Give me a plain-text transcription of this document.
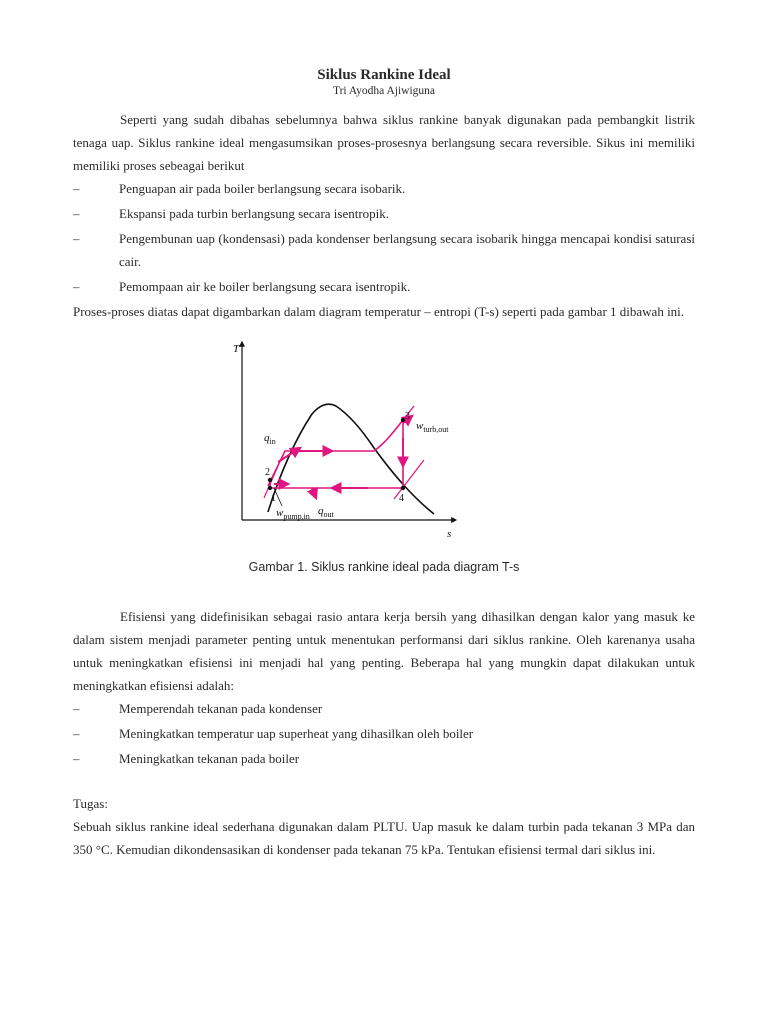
Siklus Rankine Ideal
Tri Ayodha Ajiwiguna

Seperti yang sudah dibahas sebelumnya bahwa siklus rankine banyak digunakan pada pembangkit listrik tenaga uap. Siklus rankine ideal mengasumsikan proses-prosesnya berlangsung secara reversible. Sikus ini memiliki memiliki proses sebeagai berikut

–	Penguapan air pada boiler berlangsung secara isobarik.
–	Ekspansi pada turbin berlangsung secara isentropik.
–	Pengembunan uap (kondensasi) pada kondenser berlangsung secara isobarik hingga mencapai kondisi saturasi cair.
–	Pemompaan air ke boiler berlangsung secara isentropik.

Proses-proses diatas dapat digambarkan dalam diagram temperatur – entropi (T-s) seperti pada gambar 1 dibawah ini.

T
s
1
2
3
4
$q_{in}$
$q_{out}$
$w_{turb,out}$
$w_{pump,in}$
Gambar 1. Siklus rankine ideal pada diagram T-s

Efisiensi yang didefinisikan sebagai rasio antara kerja bersih yang dihasilkan dengan kalor yang masuk ke dalam sistem menjadi parameter penting untuk menentukan performansi dari siklus rankine. Oleh karenanya usaha untuk meningkatkan efisiensi ini menjadi hal yang penting. Beberapa hal yang mungkin dapat dilakukan untuk meningkatkan efisiensi adalah:

–	Memperendah tekanan pada kondenser
–	Meningkatkan temperatur uap superheat yang dihasilkan oleh boiler
–	Meningkatkan tekanan pada boiler

Tugas:

Sebuah siklus rankine ideal sederhana digunakan dalam PLTU. Uap masuk ke dalam turbin pada tekanan 3 MPa dan 350 °C. Kemudian dikondensasikan di kondenser pada tekanan 75 kPa. Tentukan efisiensi termal dari siklus ini.
